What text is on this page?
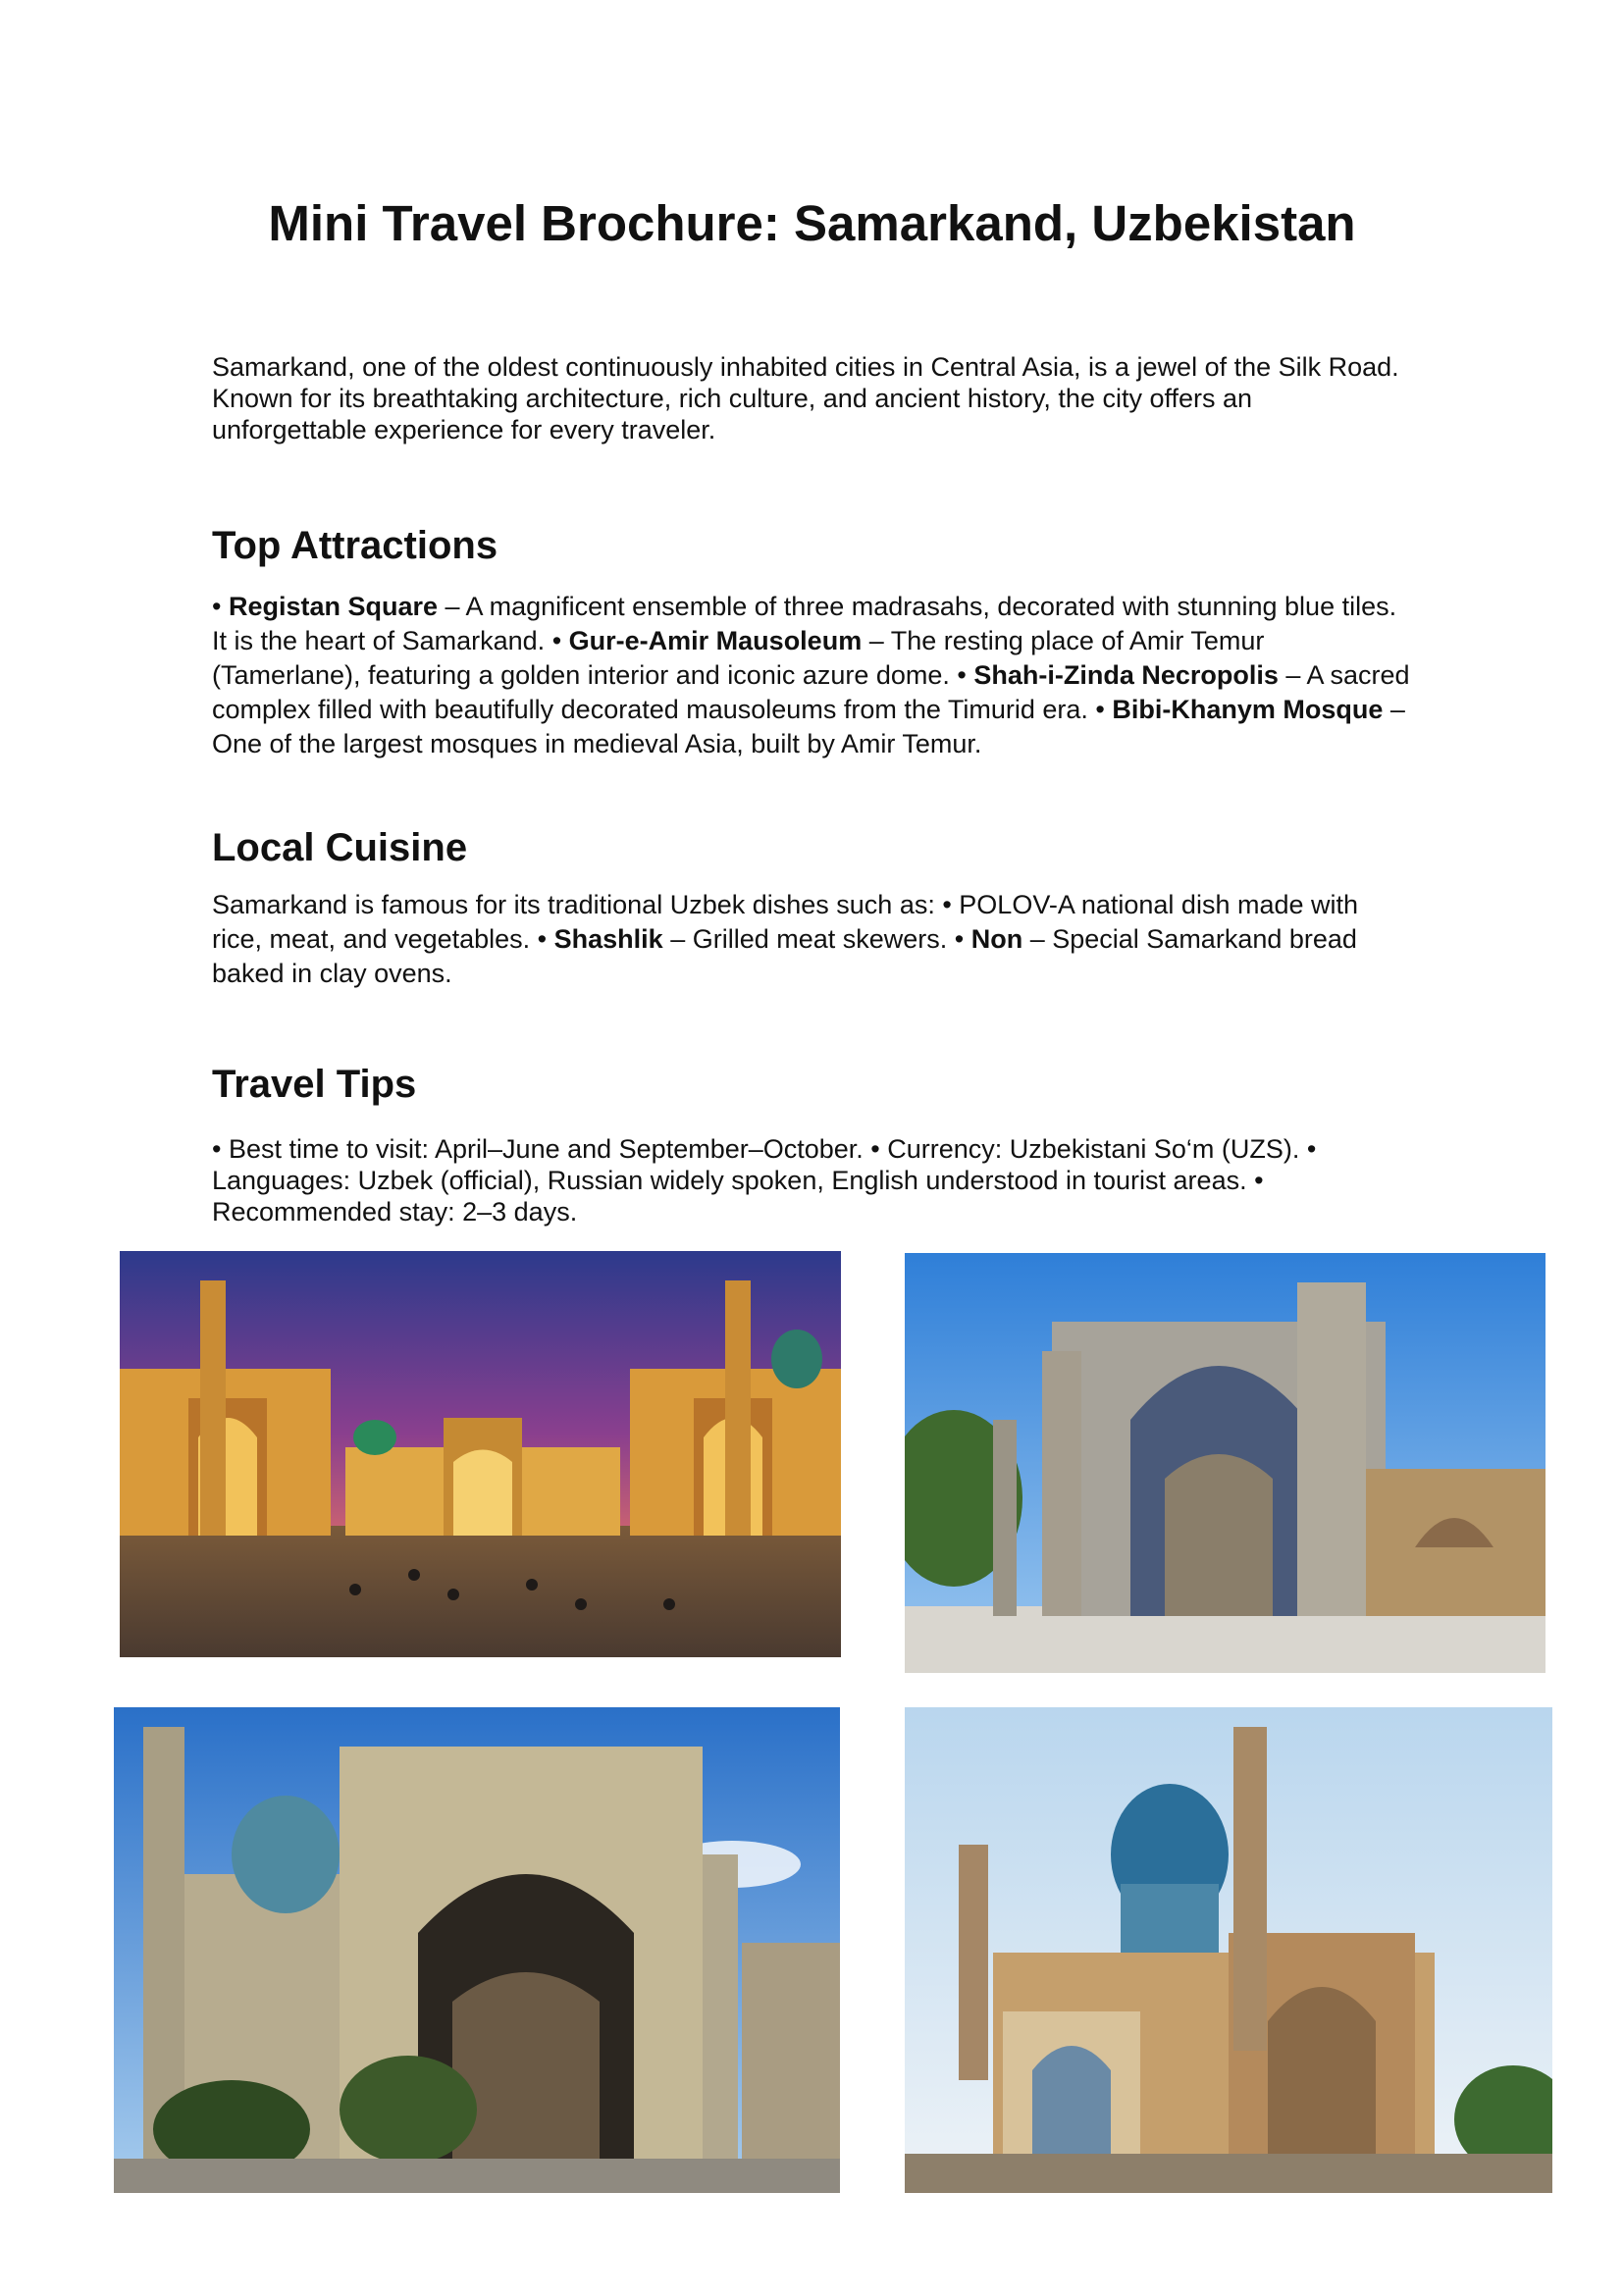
Mini Travel Brochure: Samarkand, Uzbekistan

Samarkand, one of the oldest continuously inhabited cities in Central Asia, is a jewel of the Silk Road. Known for its breathtaking architecture, rich culture, and ancient history, the city offers an unforgettable experience for every traveler.

Top Attractions

• Registan Square – A magnificent ensemble of three madrasahs, decorated with stunning blue tiles. It is the heart of Samarkand. • Gur-e-Amir Mausoleum – The resting place of Amir Temur (Tamerlane), featuring a golden interior and iconic azure dome. • Shah-i-Zinda Necropolis – A sacred complex filled with beautifully decorated mausoleums from the Timurid era. • Bibi-Khanym Mosque – One of the largest mosques in medieval Asia, built by Amir Temur.

Local Cuisine

Samarkand is famous for its traditional Uzbek dishes such as: • POLOV-A national dish made with rice, meat, and vegetables. • Shashlik – Grilled meat skewers. • Non – Special Samarkand bread baked in clay ovens.

Travel Tips

• Best time to visit: April–June and September–October. • Currency: Uzbekistani So‘m (UZS). • Languages: Uzbek (official), Russian widely spoken, English understood in tourist areas. • Recommended stay: 2–3 days.
